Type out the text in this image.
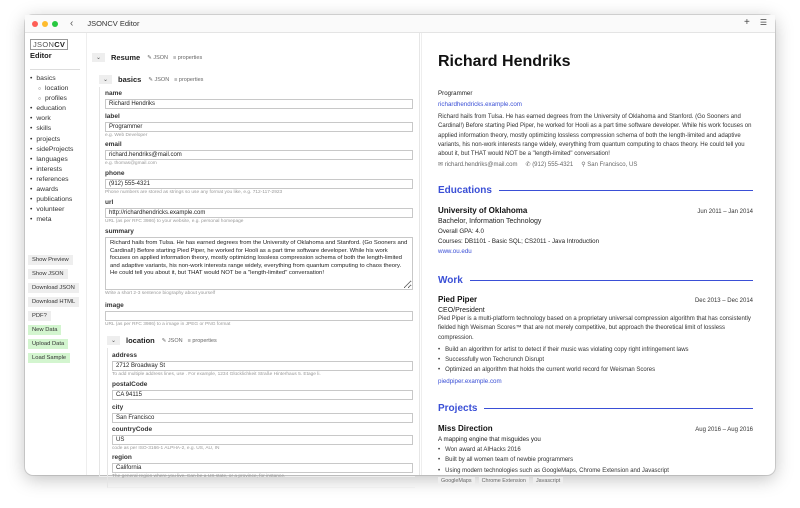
‹ JSONCV Editor	+ ☰
JSONCV
Editor
• basics
○ location
○ profiles
• education
• work
• skills
• projects
• sideProjects
• languages
• interests
• references
• awards
• publications
• volunteer
• meta
Show Preview
Show JSON
Download JSON
Download HTML
PDF?
New Data
Upload Data
Load Sample
⌄	Resume ✎ JSON ≡ properties
⌄	basics ✎ JSON ≡ properties
name
Richard Hendriks
label
Programmer
e.g. Web Developer
email
richard.hendriks@mail.com
e.g. thomas@gmail.com
phone
(912) 555-4321
Phone numbers are stored as strings so use any format you like, e.g. 712-117-2923
url
http://richardhendricks.example.com
URL (as per RFC 3986) to your website, e.g. personal homepage
summary
Richard hails from Tulsa. He has earned degrees from the University of Oklahoma and Stanford. (Go Sooners and Cardinal!) Before starting Pied Piper, he worked for Hooli as a part time software developer. While his work focuses on applied information theory, mostly optimizing lossless compression schema of both the length-limited and adaptive variants, his non-work interests range widely, everything from quantum computing to chaos theory. He could tell you about it, but THAT would NOT be a "length-limited" conversation!
Write a short 2-3 sentence biography about yourself
image
URL (as per RFC 3986) to a image in JPEG or PNG format
⌄	location ✎ JSON ≡ properties
address
2712 Broadway St
To add multiple address lines, use . For example, 1234 Glücklichkeit Straße Hinterhaus 5. Etage li.
postalCode
CA 94115
city
San Francisco
countryCode
US
code as per ISO-3166-1 ALPHA-2, e.g. US, AU, IN
region
California
The general region where you live. Can be a US state, or a province, for instance.
Richard Hendriks
Programmer
richardhendricks.example.com
Richard hails from Tulsa. He has earned degrees from the University of Oklahoma and Stanford. (Go Sooners and Cardinal!) Before starting Pied Piper, he worked for Hooli as a part time software developer. While his work focuses on applied information theory, mostly optimizing lossless compression schema of both the length-limited and adaptive variants, his non-work interests range widely, everything from quantum computing to chaos theory. He could tell you about it, but THAT would NOT be a "length-limited" conversation!
✉ richard.hendriks@mail.com ✆ (912) 555-4321 ⚲ San Francisco, US
Educations
University of Oklahoma	Jun 2011 – Jan 2014
Bachelor, Information Technology
Overall GPA: 4.0
Courses: DB1101 - Basic SQL; CS2011 - Java Introduction
www.ou.edu
Work
Pied Piper	Dec 2013 – Dec 2014
CEO/President
Pied Piper is a multi-platform technology based on a proprietary universal compression algorithm that has consistently fielded high Weisman Scores™ that are not merely competitive, but approach the theoretical limit of lossless compression.
• Build an algorithm for artist to detect if their music was violating copy right infringement laws
• Successfully won Techcrunch Disrupt
• Optimized an algorithm that holds the current world record for Weisman Scores
piedpiper.example.com
Projects
Miss Direction	Aug 2016 – Aug 2016
A mapping engine that misguides you
• Won award at AIHacks 2016
• Built by all women team of newbie programmers
• Using modern technologies such as GoogleMaps, Chrome Extension and Javascript
GoogleMaps	Chrome Extension	Javascript
